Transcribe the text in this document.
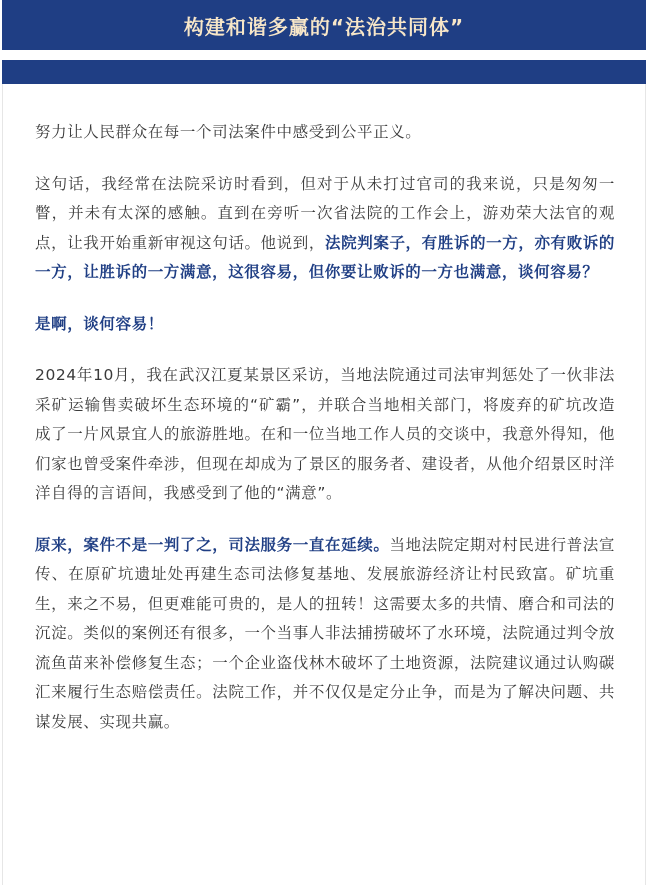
构建和谐多赢的“法治共同体”

努力让人民群众在每一个司法案件中感受到公平正义。

这句话，我经常在法院采访时看到，但对于从未打过官司的我来说，只是匆匆一瞥，并未有太深的感触。直到在旁听一次省法院的工作会上，游劝荣大法官的观点，让我开始重新审视这句话。他说到，法院判案子，有胜诉的一方，亦有败诉的一方，让胜诉的一方满意，这很容易，但你要让败诉的一方也满意，谈何容易？

是啊，谈何容易！

2024年10月，我在武汉江夏某景区采访，当地法院通过司法审判惩处了一伙非法采矿运输售卖破坏生态环境的“矿霸”，并联合当地相关部门，将废弃的矿坑改造成了一片风景宜人的旅游胜地。在和一位当地工作人员的交谈中，我意外得知，他们家也曾受案件牵涉，但现在却成为了景区的服务者、建设者，从他介绍景区时洋洋自得的言语间，我感受到了他的“满意”。

原来，案件不是一判了之，司法服务一直在延续。当地法院定期对村民进行普法宣传、在原矿坑遗址处再建生态司法修复基地、发展旅游经济让村民致富。矿坑重生，来之不易，但更难能可贵的，是人的扭转！这需要太多的共情、磨合和司法的沉淀。类似的案例还有很多，一个当事人非法捕捞破坏了水环境，法院通过判令放流鱼苗来补偿修复生态；一个企业盗伐林木破坏了土地资源，法院建议通过认购碳汇来履行生态赔偿责任。法院工作，并不仅仅是定分止争，而是为了解决问题、共谋发展、实现共赢。
